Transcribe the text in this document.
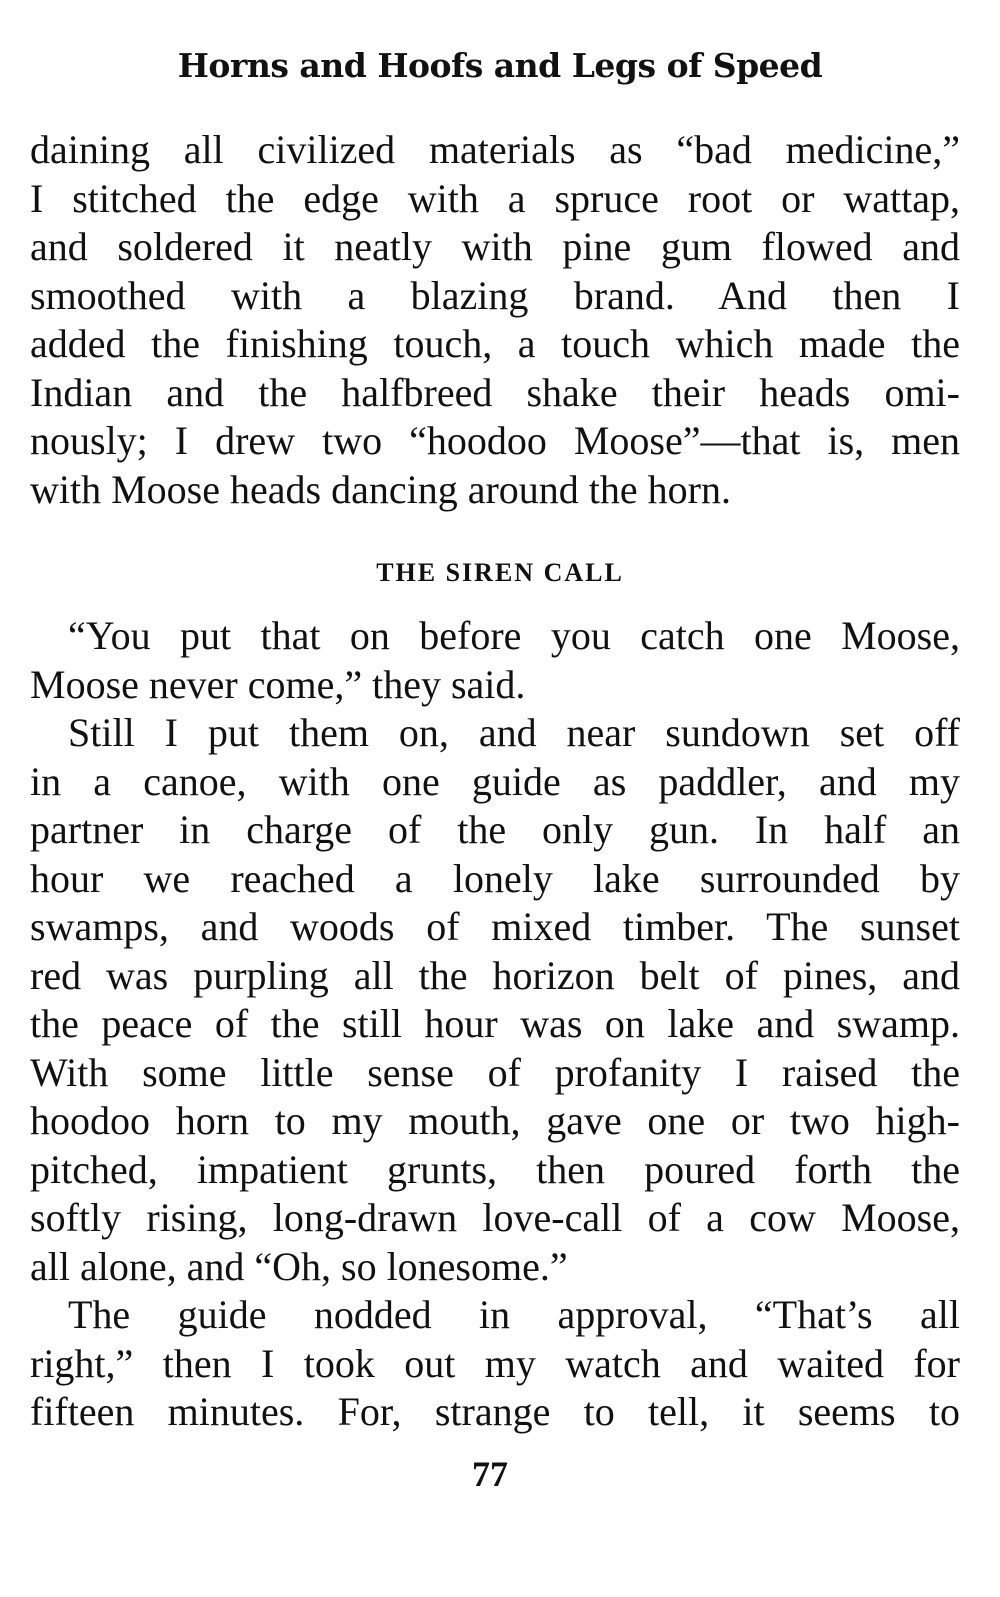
Horns and Hoofs and Legs of Speed
daining all civilized materials as “bad medicine,”
I stitched the edge with a spruce root or wattap,
and soldered it neatly with pine gum flowed and
smoothed with a blazing brand. And then I
added the finishing touch, a touch which made the
Indian and the halfbreed shake their heads omi-
nously; I drew two “hoodoo Moose”—that is, men
with Moose heads dancing around the horn.
THE SIREN CALL
“You put that on before you catch one Moose,
Moose never come,” they said.
Still I put them on, and near sundown set off
in a canoe, with one guide as paddler, and my
partner in charge of the only gun. In half an
hour we reached a lonely lake surrounded by
swamps, and woods of mixed timber. The sunset
red was purpling all the horizon belt of pines, and
the peace of the still hour was on lake and swamp.
With some little sense of profanity I raised the
hoodoo horn to my mouth, gave one or two high-
pitched, impatient grunts, then poured forth the
softly rising, long-drawn love-call of a cow Moose,
all alone, and “Oh, so lonesome.”
The guide nodded in approval, “That’s all
right,” then I took out my watch and waited for
fifteen minutes. For, strange to tell, it seems to
77
